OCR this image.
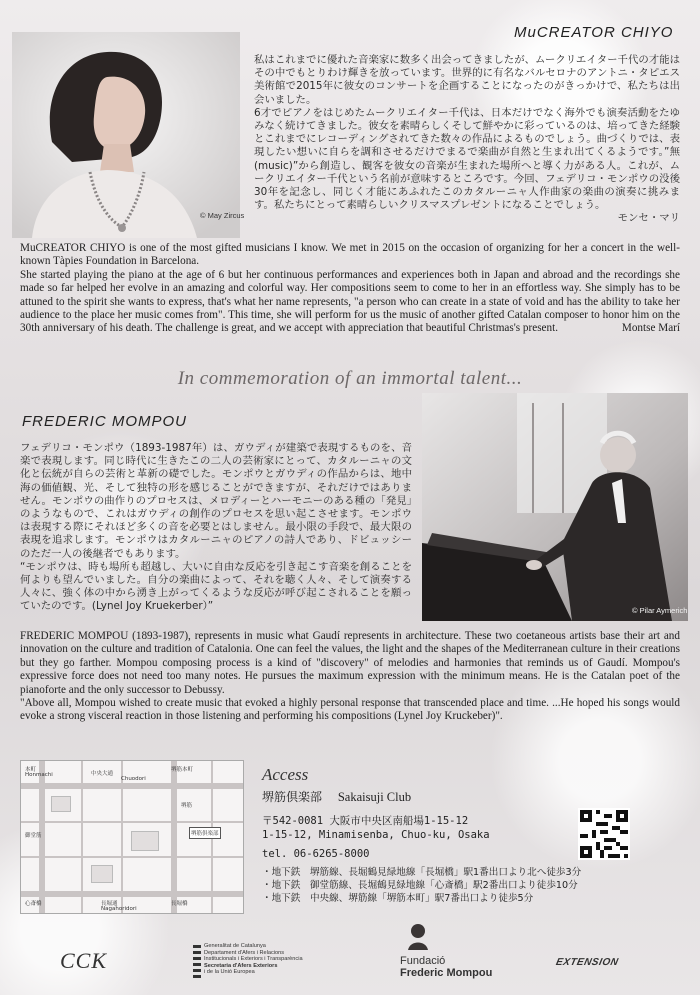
© May Zircus
MuCREATOR CHIYO
私はこれまでに優れた音楽家に数多く出会ってきましたが、ムークリエイター千代の才能はその中でもとりわけ輝きを放っています。世界的に有名なバルセロナのアントニ・タピエス美術館で2015年に彼女のコンサートを企画することになったのがきっかけで、私たちは出会いました。
6才でピアノをはじめたムークリエイター千代は、日本だけでなく海外でも演奏活動をたゆみなく続けてきました。彼女を素晴らしくそして鮮やかに彩っているのは、培ってきた経験とこれまでにレコーディングされてきた数々の作品によるものでしょう。曲づくりでは、表現したい想いに自らを調和させるだけでまるで楽曲が自然と生まれ出てくるようです。”無(music)”から創造し、観客を彼女の音楽が生まれた場所へと導く力がある人。これが、ムークリエイター千代という名前が意味するところです。今回、フェデリコ・モンポウの没後30年を記念し、同じく才能にあふれたこのカタルーニャ人作曲家の楽曲の演奏に挑みます。私たちにとって素晴らしいクリスマスプレゼントになることでしょう。
モンセ・マリ
MuCREATOR CHIYO is one of the most gifted musicians I know. We met in 2015 on the occasion of organizing for her a concert in the well-known Tàpies Foundation in Barcelona.
She started playing the piano at the age of 6 but her continuous performances and experiences both in Japan and abroad and the recordings she made so far helped her evolve in an amazing and colorful way. Her compositions seem to come to her in an effortless way. She simply has to be attuned to the spirit she wants to express, that's what her name represents, "a person who can create in a state of void and has the ability to take her audience to the place her music comes from". This time, she will perform for us the music of another gifted Catalan composer to honor him on the 30th anniversary of his death. The challenge is great, and we accept with appreciation that beautiful Christmas's present.	Montse Marí
In commemoration of an immortal talent...
FREDERIC MOMPOU
フェデリコ・モンポウ（1893-1987年）は、ガウディが建築で表現するものを、音楽で表現します。同じ時代に生きたこの二人の芸術家にとって、カタルーニャの文化と伝統が自らの芸術と革新の礎でした。モンポウとガウディの作品からは、地中海の価値観、光、そして独特の形を感じることができますが、それだけではありません。モンポウの曲作りのプロセスは、メロディーとハーモニーのある種の「発見」のようなもので、これはガウディの創作のプロセスを思い起こさせます。モンポウは表現する際にそれほど多くの音を必要とはしません。最小限の手段で、最大限の表現を追求します。モンポウはカタルーニャのピアノの詩人であり、ドビュッシーのただ一人の後継者でもあります。
“モンポウは、時も場所も超越し、大いに自由な反応を引き起こす音楽を創ることを何よりも望んでいました。自分の楽曲によって、それを聴く人々、そして演奏する人々に、強く体の中から湧き上がってくるような反応が呼び起こされることを願っていたのです。(Lynel Joy Kruekerber）”	© Pilar Aymerich
FREDERIC MOMPOU (1893-1987), represents in music what Gaudí represents in architecture. These two coetaneous artists base their art and innovation on the culture and tradition of Catalonia. One can feel the values, the light and the shapes of the Mediterranean culture in their creations but they go farther. Mompou composing process is a kind of "discovery" of melodies and harmonies that reminds us of Gaudí. Mompou's expressive force does not need too many notes. He pursues the maximum expression with the minimum means. He is the Catalan poet of the pianoforte and the only successor to Debussy.
"Above all, Mompou wished to create music that evoked a highly personal response that transcended place and time. ...He hoped his songs would evoke a strong visceral reaction in those listening and performing his compositions (Lynel Joy Kruckeber)".
本町
Honmachi	中央大通
Chuodori
堺筋本町
御堂筋
堺筋
堺筋倶楽部
心斎橋	長堀橋
長堀通
Nagahoridori
Access
堺筋倶楽部 Sakaisuji Club
〒542-0081 大阪市中央区南船場1-15-12
1-15-12, Minamisenba, Chuo-ku, Osaka
tel. 06-6265-8000
・地下鉄　堺筋線、長堀鶴見緑地線「長堀橋」駅1番出口より北へ徒歩3分
・地下鉄　御堂筋線、長堀鶴見緑地線「心斎橋」駅2番出口より徒歩10分
・地下鉄　中央線、堺筋線「堺筋本町」駅7番出口より徒歩5分
CCK
Generalitat de Catalunya
Departament d'Afers i Relacions
Institucionals i Exteriors i Transparència
Secretaria d'Afers Exteriors
i de la Unió Europea
Fundació
Frederic Mompou
EXTENSION
